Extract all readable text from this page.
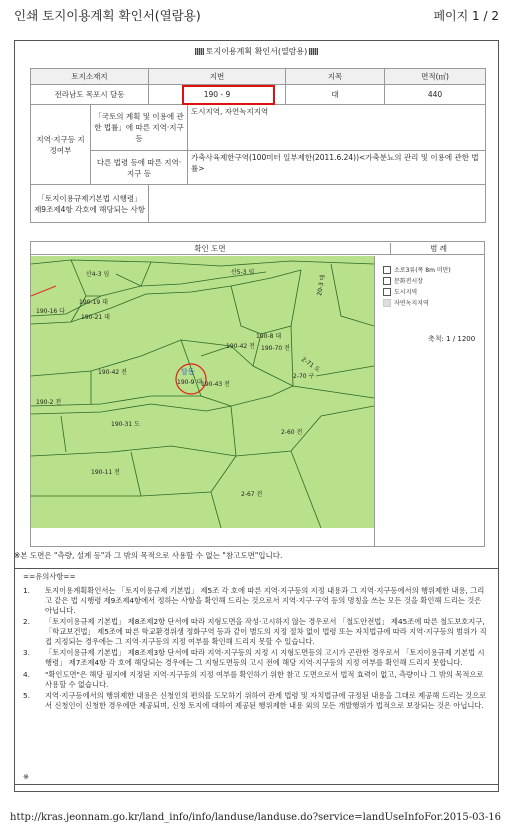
인쇄 토지이용계획 확인서(열람용)	페이지 1 / 2
토지이용계획 확인서(열람용)
토지소재지		지번		지목	면적(㎡)
전라남도 목포시 달동		190 - 9		대	440
지역·지구등 지정여부	「국토의 계획 및 이용에 관한 법률」에 따른 지역·지구 등		도시지역, 자연녹지지역		
	다른 법령 등에 따른 지역·지구 등		가축사육제한구역(100미터 일부제한(2011.6.24))<가축분뇨의 관리 및 이용에 관한 법률>		
「토지이용규제기본법 시행령」 제9조제4항 각호에 해당되는 사항					
확인 도면	범 례
산4-3 임	산5-3 임
190-19 대
190-16 다
190-21 대
190-8 대
190-70 전
190-42 전
190-42 전	달동
190-9 대
190-2 전
190-43 전
2-70 구
2-71 도
190-31 도
190-11 전
2-60 전
2-67 전
20-3 대
소로3류(폭 8m 미만)
문화전시장
도시지역
자연녹지지역
축척: 1 / 1200
※본 도면은 "측량, 설계 등"과 그 밖의 목적으로 사용할 수 없는 "참고도면"입니다.
==유의사항==
1.	토지이용계획확인서는 「토지이용규제 기본법」 제5조 각 호에 따른 지역·지구등의 지정 내용과 그 지역·지구등에서의 행위제한 내용, 그리고 같은 법 시행령 제9조제4항에서 정하는 사항을 확인해 드리는 것으로서 지역·지구·구역 등의 명칭을 쓰는 모든 것을 확인해 드리는 것은 아닙니다.
2.	「토지이용규제 기본법」 제8조제2항 단서에 따라 지형도면을 작성·고시하지 않는 경우로서 「철도안전법」 제45조에 따른 철도보호지구, 「학교보건법」 제5조에 따른 학교환경위생 정화구역 등과 같이 별도의 지정 절차 없이 법령 또는 자치법규에 따라 지역·지구등의 범위가 직접 지정되는 경우에는 그 지역·지구등의 지정 여부를 확인해 드리지 못할 수 있습니다.
3.	「토지이용규제 기본법」 제8조제3항 단서에 따라 지역·지구등의 지정 시 지형도면등의 고시가 곤란한 경우로서 「토지이용규제 기본법 시행령」 제7조제4항 각 호에 해당되는 경우에는 그 지형도면등의 고시 전에 해당 지역·지구등의 지정 여부를 확인해 드리지 못합니다.
4.	"확인도면"은 해당 필지에 지정된 지역·지구등의 지정 여부를 확인하기 위한 참고 도면으로서 법적 효력이 없고, 측량이나 그 밖의 목적으로 사용할 수 없습니다.
5.	지역·지구등에서의 행위제한 내용은 신청인의 편의를 도모하기 위하여 관계 법령 및 자치법규에 규정된 내용을 그대로 제공해 드리는 것으로서 신청인이 신청한 경우에만 제공되며, 신청 토지에 대하여 제공된 행위제한 내용 외의 모든 개발행위가 법적으로 보장되는 것은 아닙니다.
※
http://kras.jeonnam.go.kr/land_info/info/landuse/landuse.do?service=landUseInfoFor...
2015-03-16
